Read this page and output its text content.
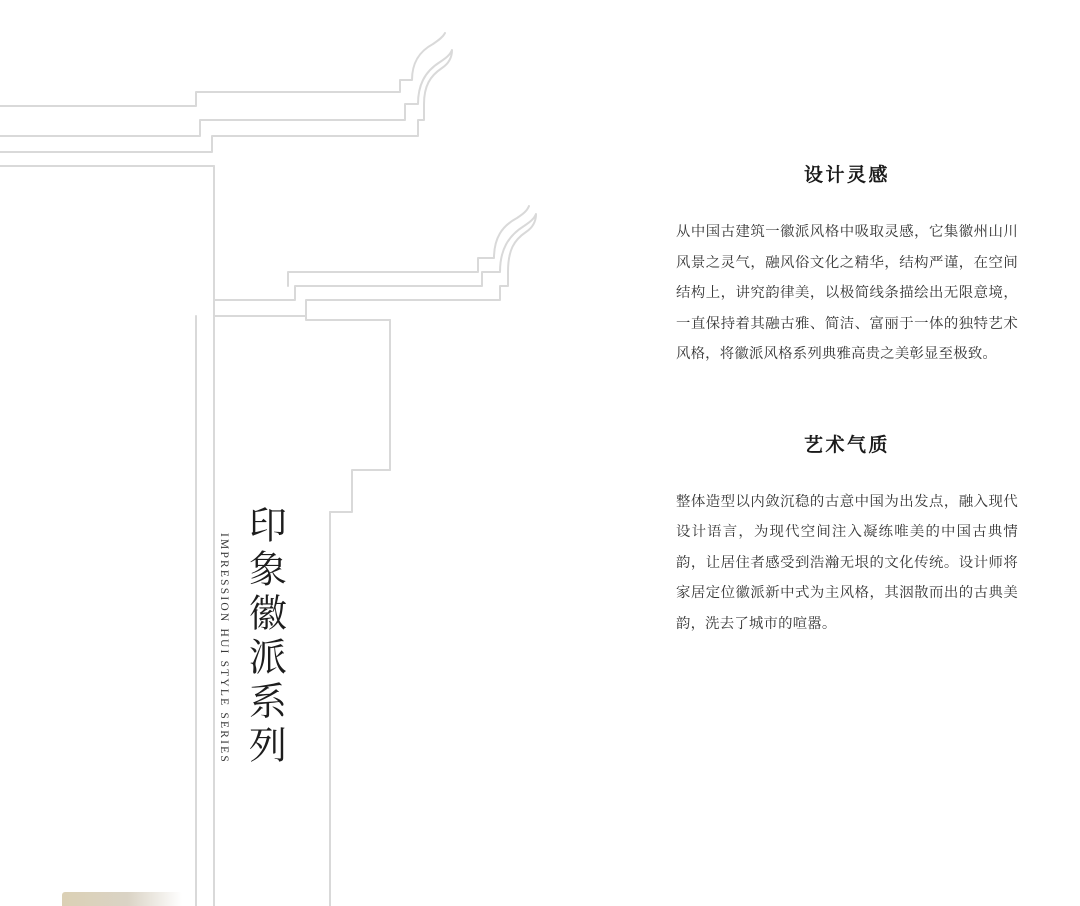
印象徽派系列
IMPRESSION HUI STYLE SERIES
设计灵感

从中国古建筑一徽派风格中吸取灵感，它集徽州山川风景之灵气，融风俗文化之精华，结构严谨，在空间结构上，讲究韵律美，以极简线条描绘出无限意境，一直保持着其融古雅、简洁、富丽于一体的独特艺术风格，将徽派风格系列典雅高贵之美彰显至极致。

艺术气质

整体造型以内敛沉稳的古意中国为出发点，融入现代设计语言，为现代空间注入凝练唯美的中国古典情韵，让居住者感受到浩瀚无垠的文化传统。设计师将家居定位徽派新中式为主风格，其洇散而出的古典美韵，洗去了城市的喧嚣。
